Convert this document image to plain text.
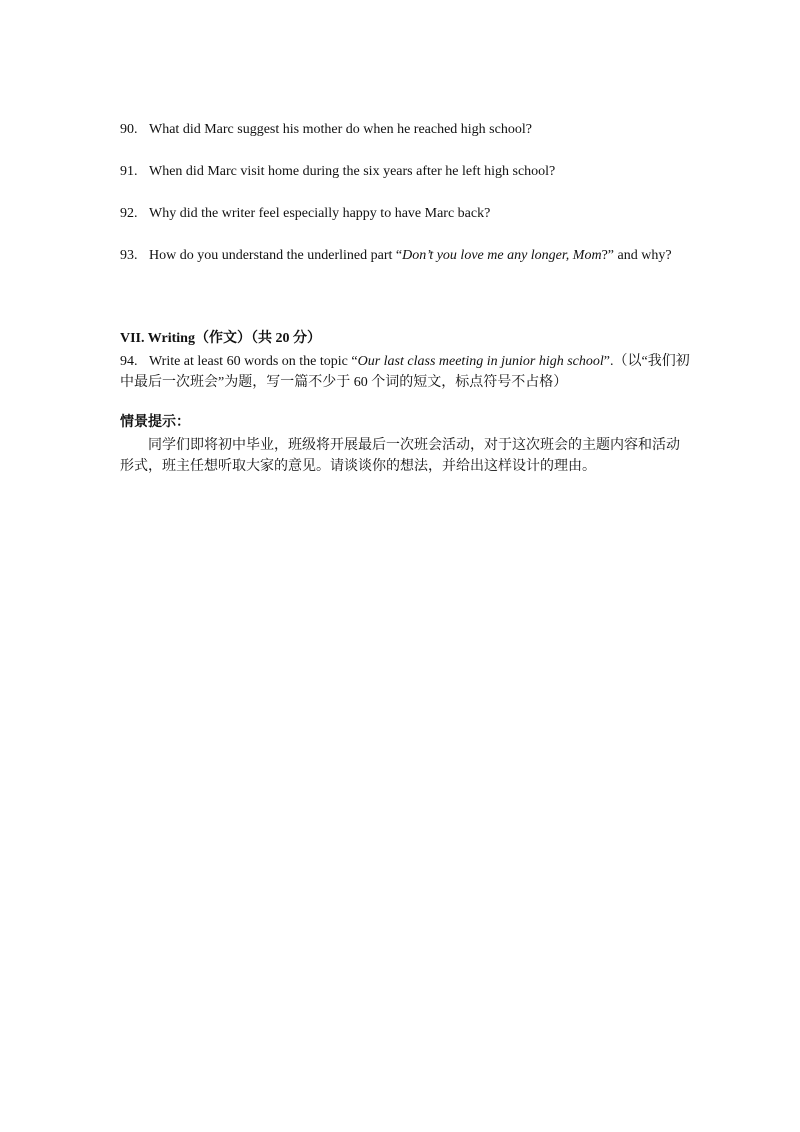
90. What did Marc suggest his mother do when he reached high school?
91. When did Marc visit home during the six years after he left high school?
92. Why did the writer feel especially happy to have Marc back?
93. How do you understand the underlined part “Don’t you love me any longer, Mom?” and why?
VII. Writing（作文）（共 20 分）
94. Write at least 60 words on the topic “Our last class meeting in junior high school”.（以“我们初中最后一次班会”为题，写一篇不少于 60 个词的短文，标点符号不占格）
情景提示：
同学们即将初中毕业，班级将开展最后一次班会活动，对于这次班会的主题内容和活动形式，班主任想听取大家的意见。请谈谈你的想法，并给出这样设计的理由。
